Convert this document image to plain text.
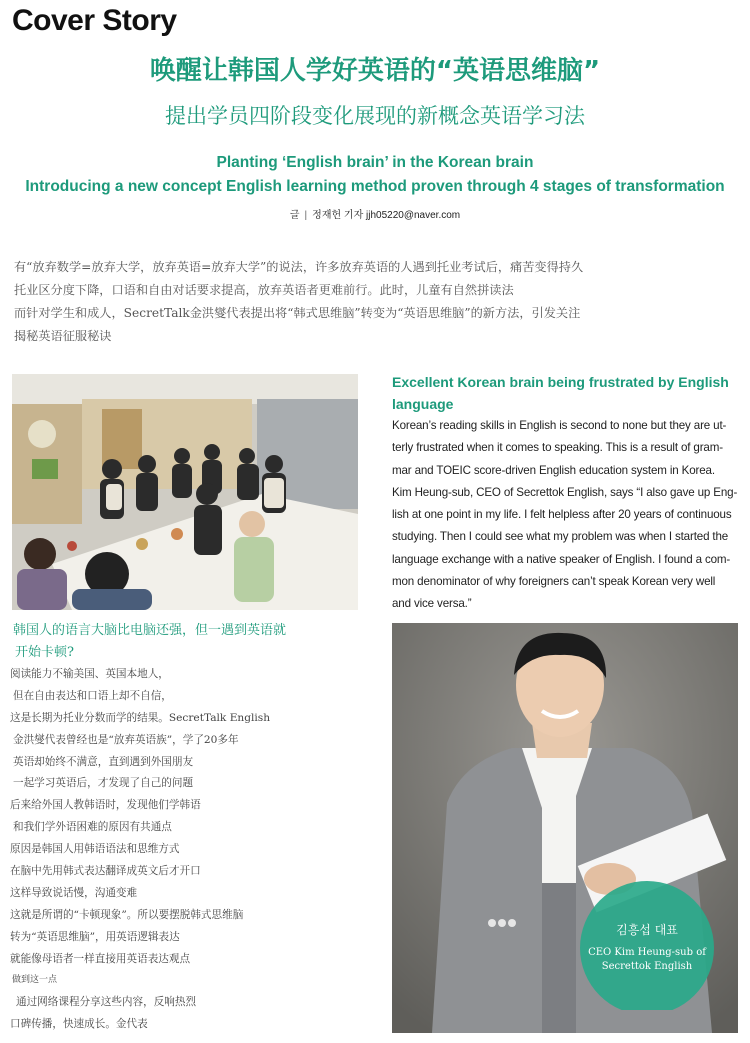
Cover Story
唤醒让韩国人学好英语的“英语思维脑”
提出学员四阶段变化展现的新概念英语学习法
Planting ‘English brain’ in the Korean brain
Introducing a new concept English learning method proven through 4 stages of transformation
글 | 정재헌 기자 jjh05220@naver.com
有“放弃数学=放弃大学，放弃英语=放弃大学”的说法，许多放弃英语的人遇到托业考试后，痛苦变得持久
托业区分度下降，口语和自由对话要求提高，放弃英语者更难前行。此时，儿童有自然拼读法
而针对学生和成人，SecretTalk金洪燮代表提出将“韩式思维脑”转变为“英语思维脑”的新方法，引发关注
揭秘英语征服秘诀
韩国人的语言大脑比电脑还强，但一遇到英语就
开始卡顿?
阅读能力不输美国、英国本地人，
但在自由表达和口语上却不自信，
这是长期为托业分数而学的结果。SecretTalk English
金洪燮代表曾经也是“放弃英语族”，学了20多年
英语却始终不满意，直到遇到外国朋友
一起学习英语后，才发现了自己的问题
后来给外国人教韩语时，发现他们学韩语
和我们学外语困难的原因有共通点
原因是韩国人用韩语语法和思维方式
在脑中先用韩式表达翻译成英文后才开口
这样导致说话慢，沟通变难
这就是所谓的“卡顿现象”。所以要摆脱韩式思维脑
转为“英语思维脑”，用英语逻辑表达
就能像母语者一样直接用英语表达观点
做到这一点
通过网络课程分享这些内容，反响热烈
口碑传播，快速成长。金代表
Excellent Korean brain being frustrated by English
language
Korean’s reading skills in English is second to none but they are ut-
terly frustrated when it comes to speaking. This is a result of gram-
mar and TOEIC score-driven English education system in Korea.
Kim Heung-sub, CEO of Secrettok English, says “I also gave up Eng-
lish at one point in my life. I felt helpless after 20 years of continuous
studying. Then I could see what my problem was when I started the
language exchange with a native speaker of English. I found a com-
mon denominator of why foreigners can’t speak Korean very well
and vice versa.”
김흥섭 대표
CEO Kim Heung-sub of
Secrettok English
